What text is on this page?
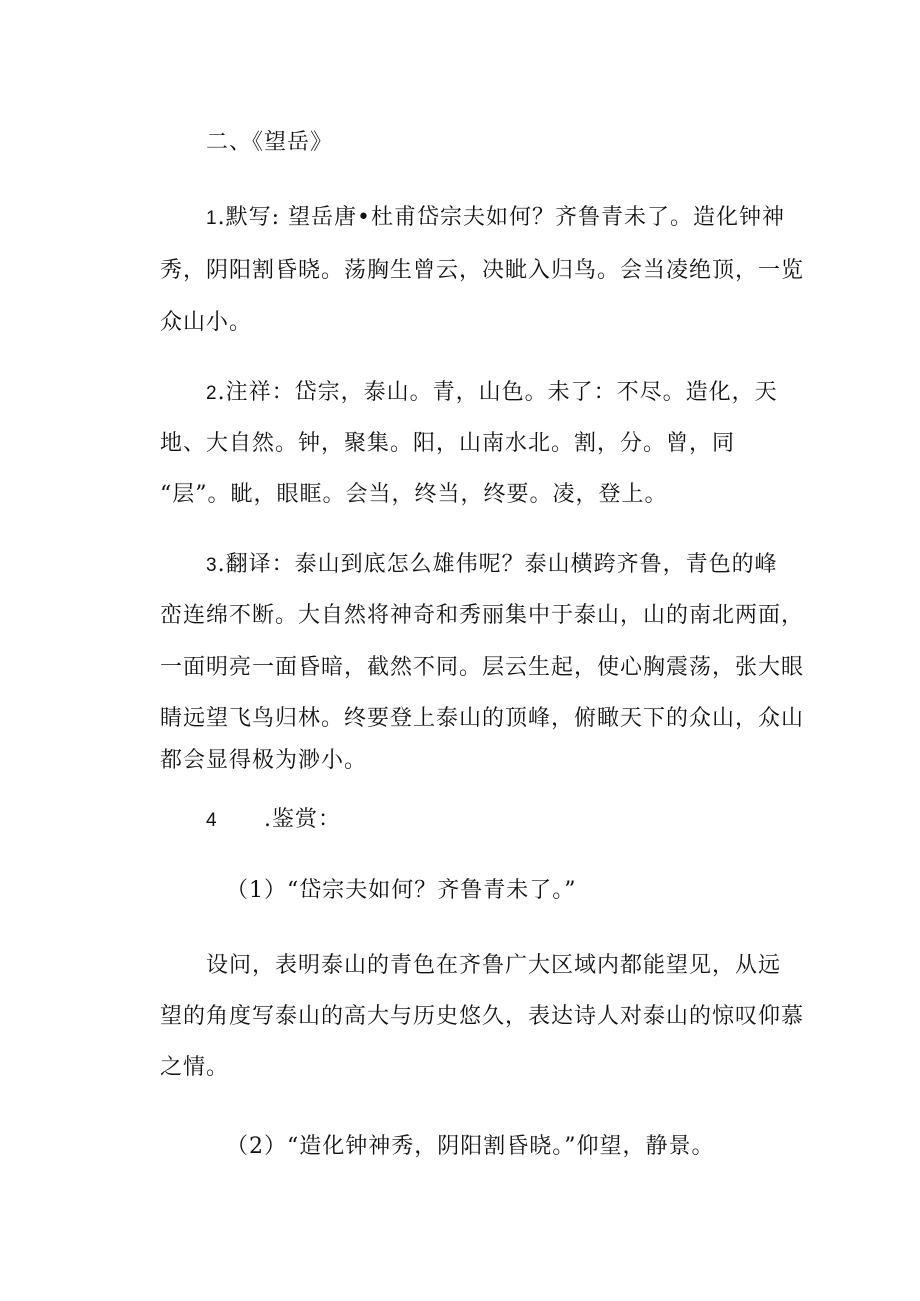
二、《望岳》
1.默写: 望岳唐•杜甫岱宗夫如何？齐鲁青未了。造化钟神
秀，阴阳割昏晓。荡胸生曾云，决眦入归鸟。会当凌绝顶，一览
众山小。
2.注祥：岱宗，泰山。青，山色。未了：不尽。造化，天
地、大自然。钟，聚集。阳，山南水北。割，分。曾，同
“层”。眦，眼眶。会当，终当，终要。凌，登上。
3.翻译：泰山到底怎么雄伟呢？泰山横跨齐鲁，青色的峰
峦连绵不断。大自然将神奇和秀丽集中于泰山，山的南北两面，
一面明亮一面昏暗，截然不同。层云生起，使心胸震荡，张大眼
睛远望飞鸟归林。终要登上泰山的顶峰，俯瞰天下的众山，众山
都会显得极为渺小。
4 .鉴赏：
（1）“岱宗夫如何？齐鲁青未了。”
设问，表明泰山的青色在齐鲁广大区域内都能望见，从远
望的角度写泰山的高大与历史悠久，表达诗人对泰山的惊叹仰慕
之情。
（2）“造化钟神秀，阴阳割昏晓。”仰望，静景。
